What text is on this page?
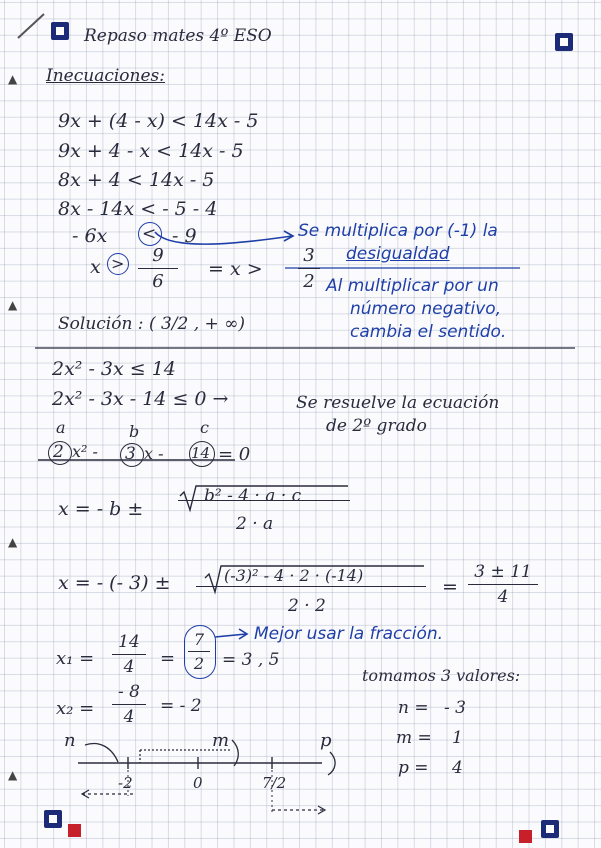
▲
▲
▲
▲
Repaso mates 4º ESO
Inecuaciones:
9x + (4 - x) < 14x - 5
9x + 4 - x < 14x - 5
8x + 4 < 14x - 5
8x - 14x < - 5 - 4
- 6x < - 9
x >	9
6
= x >
3
2
Se multiplica por (-1) la
desigualdad
Al multiplicar por un
número negativo,
cambia el sentido.
Solución : ( 3/2 , + ∞)
2x² - 3x ≤ 14
2x² - 3x - 14 ≤ 0 →	Se resuelve la ecuación
de 2º grado
a	b	c
2 x² - 3 x - 14 = 0
x = - b ±
b² - 4 · a · c
2 · a
x = - (- 3) ±	(-3)² - 4 · 2 · (-14)
2 · 2
=
3 ± 11
4
x₁ =
14
4	=
7
2	= 3 , 5
Mejor usar la fracción.
x₂ =
- 8
4
= - 2
tomamos 3 valores:
n = - 3
m = 1
p = 4
n	m	p
-2	0	7/2
